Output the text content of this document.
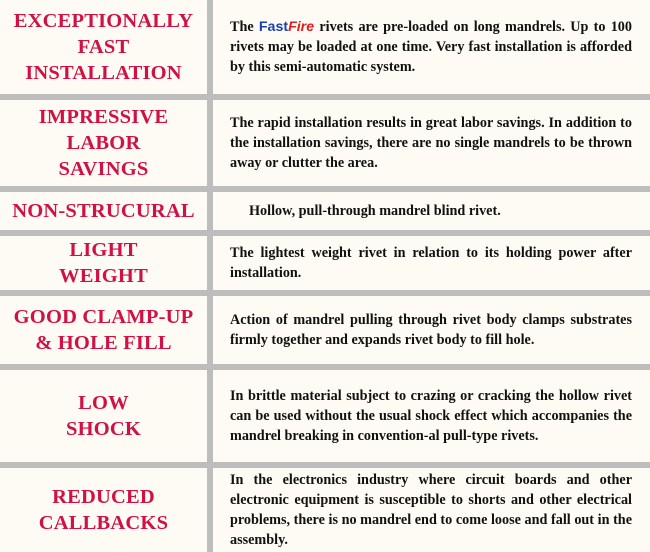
EXCEPTIONALLY
FAST
INSTALLATION

The FastFire rivets are pre-loaded on long mandrels. Up to 100 rivets may be loaded at one time. Very fast installation is afforded by this semi-automatic system.

IMPRESSIVE
LABOR
SAVINGS

The rapid installation results in great labor savings. In addition to the installation savings, there are no single mandrels to be thrown away or clutter the area.

NON-STRUCURAL	Hollow, pull-through mandrel blind rivet.

LIGHT
WEIGHT

The lightest weight rivet in relation to its holding power after installation.

GOOD CLAMP-UP
& HOLE FILL

Action of mandrel pulling through rivet body clamps substrates firmly together and expands rivet body to fill hole.

LOW
SHOCK

In brittle material subject to crazing or cracking the hollow rivet can be used without the usual shock effect which accompanies the mandrel breaking in convention-al pull-type rivets.

REDUCED
CALLBACKS

In the electronics industry where circuit boards and other electronic equipment is susceptible to shorts and other electrical problems, there is no mandrel end to come loose and fall out in the assembly.
